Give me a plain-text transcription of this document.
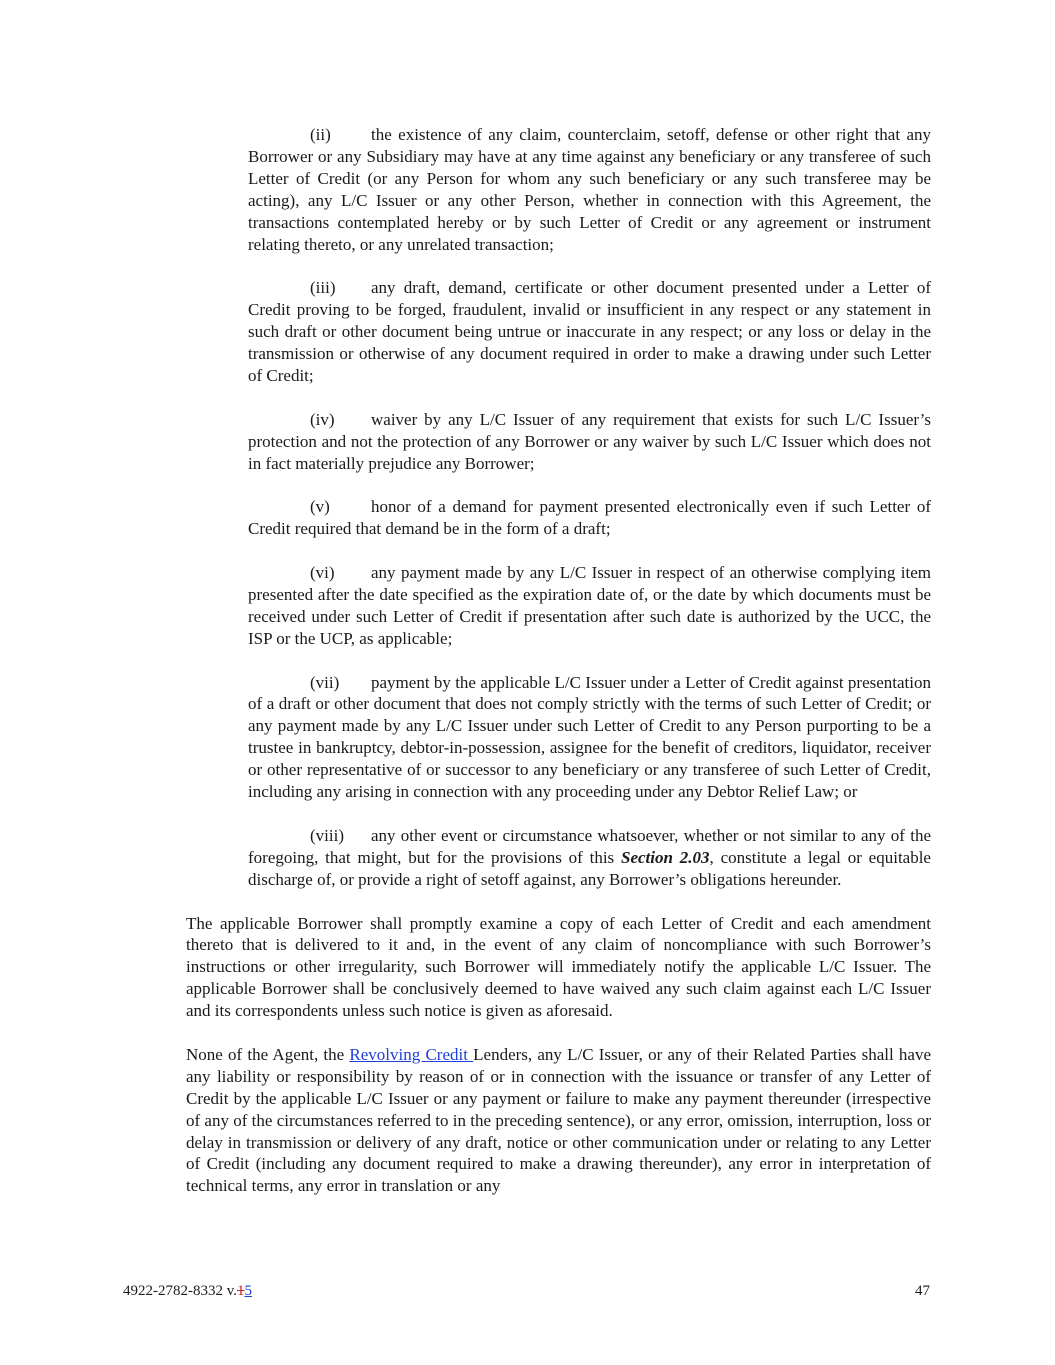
(ii) the existence of any claim, counterclaim, setoff, defense or other right that any Borrower or any Subsidiary may have at any time against any beneficiary or any transferee of such Letter of Credit (or any Person for whom any such beneficiary or any such transferee may be acting), any L/C Issuer or any other Person, whether in connection with this Agreement, the transactions contemplated hereby or by such Letter of Credit or any agreement or instrument relating thereto, or any unrelated transaction;

(iii) any draft, demand, certificate or other document presented under a Letter of Credit proving to be forged, fraudulent, invalid or insufficient in any respect or any statement in such draft or other document being untrue or inaccurate in any respect; or any loss or delay in the transmission or otherwise of any document required in order to make a drawing under such Letter of Credit;

(iv) waiver by any L/C Issuer of any requirement that exists for such L/C Issuer’s protection and not the protection of any Borrower or any waiver by such L/C Issuer which does not in fact materially prejudice any Borrower;

(v) honor of a demand for payment presented electronically even if such Letter of Credit required that demand be in the form of a draft;

(vi) any payment made by any L/C Issuer in respect of an otherwise complying item presented after the date specified as the expiration date of, or the date by which documents must be received under such Letter of Credit if presentation after such date is authorized by the UCC, the ISP or the UCP, as applicable;

(vii) payment by the applicable L/C Issuer under a Letter of Credit against presentation of a draft or other document that does not comply strictly with the terms of such Letter of Credit; or any payment made by any L/C Issuer under such Letter of Credit to any Person purporting to be a trustee in bankruptcy, debtor-in-possession, assignee for the benefit of creditors, liquidator, receiver or other representative of or successor to any beneficiary or any transferee of such Letter of Credit, including any arising in connection with any proceeding under any Debtor Relief Law; or

(viii) any other event or circumstance whatsoever, whether or not similar to any of the foregoing, that might, but for the provisions of this Section 2.03, constitute a legal or equitable discharge of, or provide a right of setoff against, any Borrower’s obligations hereunder.

The applicable Borrower shall promptly examine a copy of each Letter of Credit and each amendment thereto that is delivered to it and, in the event of any claim of noncompliance with such Borrower’s instructions or other irregularity, such Borrower will immediately notify the applicable L/C Issuer. The applicable Borrower shall be conclusively deemed to have waived any such claim against each L/C Issuer and its correspondents unless such notice is given as aforesaid.

None of the Agent, the Revolving Credit Lenders, any L/C Issuer, or any of their Related Parties shall have any liability or responsibility by reason of or in connection with the issuance or transfer of any Letter of Credit by the applicable L/C Issuer or any payment or failure to make any payment thereunder (irrespective of any of the circumstances referred to in the preceding sentence), or any error, omission, interruption, loss or delay in transmission or delivery of any draft, notice or other communication under or relating to any Letter of Credit (including any document required to make a drawing thereunder), any error in interpretation of technical terms, any error in translation or any

4922-2782-8332 v.15	47
